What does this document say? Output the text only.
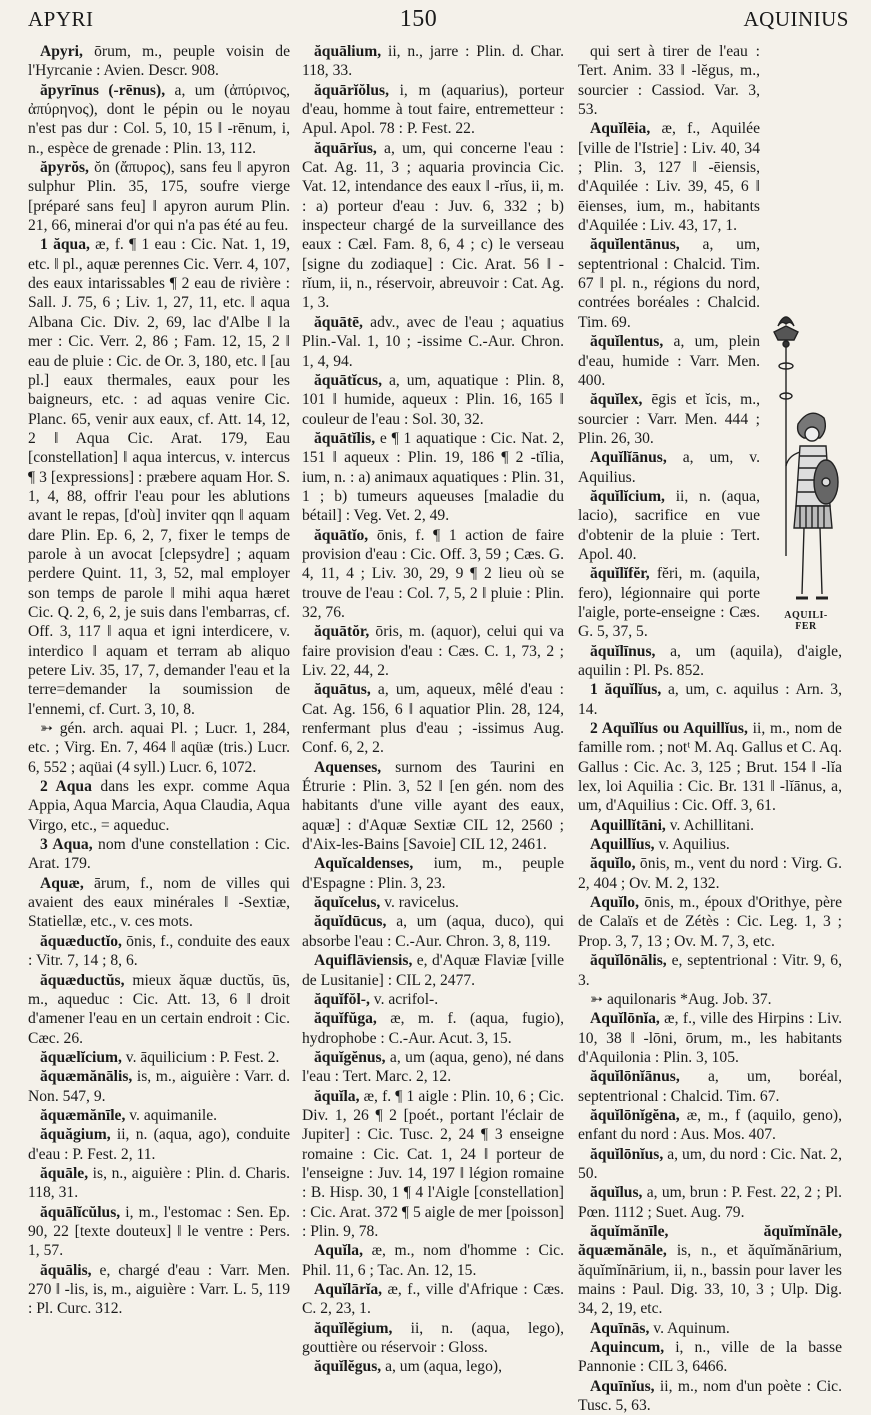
APYRI	150	AQUINIUS

Apyri, ōrum, m., peuple voisin de l'Hyrcanie : Avien. Descr. 908.

ăpyrīnus (-rēnus), a, um (ἀπύρινος, ἀπύρηνος), dont le pépin ou le noyau n'est pas dur : Col. 5, 10, 15 ‖ -rēnum, i, n., espèce de grenade : Plin. 13, 112.

ăpyrŏs, ŏn (ἄπυρος), sans feu ‖ apyron sulphur Plin. 35, 175, soufre vierge [préparé sans feu] ‖ apyron aurum Plin. 21, 66, minerai d'or qui n'a pas été au feu.

1 ăqua, æ, f. ¶ 1 eau : Cic. Nat. 1, 19, etc. ‖ pl., aquæ perennes Cic. Verr. 4, 107, des eaux intarissables ¶ 2 eau de rivière : Sall. J. 75, 6 ; Liv. 1, 27, 11, etc. ‖ aqua Albana Cic. Div. 2, 69, lac d'Albe ‖ la mer : Cic. Verr. 2, 86 ; Fam. 12, 15, 2 ‖ eau de pluie : Cic. de Or. 3, 180, etc. ‖ [au pl.] eaux thermales, eaux pour les baigneurs, etc. : ad aquas venire Cic. Planc. 65, venir aux eaux, cf. Att. 14, 12, 2 ‖ Aqua Cic. Arat. 179, Eau [constellation] ‖ aqua intercus, v. intercus ¶ 3 [expressions] : præbere aquam Hor. S. 1, 4, 88, offrir l'eau pour les ablutions avant le repas, [d'où] inviter qqn ‖ aquam dare Plin. Ep. 6, 2, 7, fixer le temps de parole à un avocat [clepsydre] ; aquam perdere Quint. 11, 3, 52, mal employer son temps de parole ‖ mihi aqua hæret Cic. Q. 2, 6, 2, je suis dans l'embarras, cf. Off. 3, 117 ‖ aqua et igni interdicere, v. interdico ‖ aquam et terram ab aliquo petere Liv. 35, 17, 7, demander l'eau et la terre=demander la soumission de l'ennemi, cf. Curt. 3, 10, 8.

➳ gén. arch. aquai Pl. ; Lucr. 1, 284, etc. ; Virg. En. 7, 464 ‖ aqüæ (tris.) Lucr. 6, 552 ; aqüai (4 syll.) Lucr. 6, 1072.

2 Aqua dans les expr. comme Aqua Appia, Aqua Marcia, Aqua Claudia, Aqua Virgo, etc., = aqueduc.

3 Aqua, nom d'une constellation : Cic. Arat. 179.

Aquæ, ārum, f., nom de villes qui avaient des eaux minérales ‖ -Sextiæ, Statiellæ, etc., v. ces mots.

ăquæductĭo, ōnis, f., conduite des eaux : Vitr. 7, 14 ; 8, 6.

ăquæductŭs, mieux ăquæ ductŭs, ūs, m., aqueduc : Cic. Att. 13, 6 ‖ droit d'amener l'eau en un certain endroit : Cic. Cæc. 26.

ăquælĭcium, v. āquilicium : P. Fest. 2.

ăquæmănālis, is, m., aiguière : Varr. d. Non. 547, 9.

ăquæmănīle, v. aquimanile.

ăquăgium, ii, n. (aqua, ago), conduite d'eau : P. Fest. 2, 11.

ăquāle, is, n., aiguière : Plin. d. Charis. 118, 31.

ăquālĭcŭlus, i, m., l'estomac : Sen. Ep. 90, 22 [texte douteux] ‖ le ventre : Pers. 1, 57.

ăquālis, e, chargé d'eau : Varr. Men. 270 ‖ -lis, is, m., aiguière : Varr. L. 5, 119 : Pl. Curc. 312.

ăquālium, ii, n., jarre : Plin. d. Char. 118, 33.

ăquārĭŏlus, i, m (aquarius), porteur d'eau, homme à tout faire, entremetteur : Apul. Apol. 78 : P. Fest. 22.

ăquārĭus, a, um, qui concerne l'eau : Cat. Ag. 11, 3 ; aquaria provincia Cic. Vat. 12, intendance des eaux ‖ -rĭus, ii, m. : a) porteur d'eau : Juv. 6, 332 ; b) inspecteur chargé de la surveillance des eaux : Cæl. Fam. 8, 6, 4 ; c) le verseau [signe du zodiaque] : Cic. Arat. 56 ‖ -rĭum, ii, n., réservoir, abreuvoir : Cat. Ag. 1, 3.

ăquātē, adv., avec de l'eau ; aquatius Plin.-Val. 1, 10 ; -issime C.-Aur. Chron. 1, 4, 94.

ăquātĭcus, a, um, aquatique : Plin. 8, 101 ‖ humide, aqueux : Plin. 16, 165 ‖ couleur de l'eau : Sol. 30, 32.

ăquātĭlis, e ¶ 1 aquatique : Cic. Nat. 2, 151 ‖ aqueux : Plin. 19, 186 ¶ 2 -tĭlia, ium, n. : a) animaux aquatiques : Plin. 31, 1 ; b) tumeurs aqueuses [maladie du bétail] : Veg. Vet. 2, 49.

ăquātĭo, ōnis, f. ¶ 1 action de faire provision d'eau : Cic. Off. 3, 59 ; Cæs. G. 4, 11, 4 ; Liv. 30, 29, 9 ¶ 2 lieu où se trouve de l'eau : Col. 7, 5, 2 ‖ pluie : Plin. 32, 76.

ăquātŏr, ōris, m. (aquor), celui qui va faire provision d'eau : Cæs. C. 1, 73, 2 ; Liv. 22, 44, 2.

ăquātus, a, um, aqueux, mêlé d'eau : Cat. Ag. 156, 6 ‖ aquatior Plin. 28, 124, renfermant plus d'eau ; -issimus Aug. Conf. 6, 2, 2.

Aquenses, surnom des Taurini en Étrurie : Plin. 3, 52 ‖ [en gén. nom des habitants d'une ville ayant des eaux, aquæ] : d'Aquæ Sextiæ CIL 12, 2560 ; d'Aix-les-Bains [Savoie] CIL 12, 2461.

Aquĭcaldenses, ium, m., peuple d'Espagne : Plin. 3, 23.

ăquĭcelus, v. ravicelus.

ăquĭdūcus, a, um (aqua, duco), qui absorbe l'eau : C.-Aur. Chron. 3, 8, 119.

Aquiflāviensis, e, d'Aquæ Flaviæ [ville de Lusitanie] : CIL 2, 2477.

ăquĭfŏl-, v. acrifol-.

ăquĭfŭga, æ, m. f. (aqua, fugio), hydrophobe : C.-Aur. Acut. 3, 15.

ăquĭgĕnus, a, um (aqua, geno), né dans l'eau : Tert. Marc. 2, 12.

ăquĭla, æ, f. ¶ 1 aigle : Plin. 10, 6 ; Cic. Div. 1, 26 ¶ 2 [poét., portant l'éclair de Jupiter] : Cic. Tusc. 2, 24 ¶ 3 enseigne romaine : Cic. Cat. 1, 24 ‖ porteur de l'enseigne : Juv. 14, 197 ‖ légion romaine : B. Hisp. 30, 1 ¶ 4 l'Aigle [constellation] : Cic. Arat. 372 ¶ 5 aigle de mer [poisson] : Plin. 9, 78.

Aquĭla, æ, m., nom d'homme : Cic. Phil. 11, 6 ; Tac. An. 12, 15.

Aquĭlārĭa, æ, f., ville d'Afrique : Cæs. C. 2, 23, 1.

ăquĭlĕgium, ii, n. (aqua, lego), gouttière ou réservoir : Gloss.

ăquĭlĕgus, a, um (aqua, lego),

qui sert à tirer de l'eau : Tert. Anim. 33 ‖ -lĕgus, m., sourcier : Cassiod. Var. 3, 53.

Aquĭlēia, æ, f., Aquilée [ville de l'Istrie] : Liv. 40, 34 ; Plin. 3, 127 ‖ -ēiensis, d'Aquilée : Liv. 39, 45, 6 ‖ ēienses, ium, m., habitants d'Aquilée : Liv. 43, 17, 1.

ăquĭlentānus, a, um, septentrional : Chalcid. Tim. 67 ‖ pl. n., régions du nord, contrées boréales : Chalcid. Tim. 69.

ăquĭlentus, a, um, plein d'eau, humide : Varr. Men. 400.

ăquĭlex, ēgis et ĭcis, m., sourcier : Varr. Men. 444 ; Plin. 26, 30.

Aquĭlĭānus, a, um, v. Aquilius.

ăquĭlĭcium, ii, n. (aqua, lacio), sacrifice en vue d'obtenir de la pluie : Tert. Apol. 40.

ăquĭlĭfĕr, fĕri, m. (aquila, fero), légionnaire qui porte l'aigle, porte-enseigne : Cæs. G. 5, 37, 5.

ăquĭlīnus, a, um (aquila), d'aigle, aquilin : Pl. Ps. 852.

1 ăquĭlĭus, a, um, c. aquilus : Arn. 3, 14.

2 Aquĭlĭus ou Aquillĭus, ii, m., nom de famille rom. ; notᵗ M. Aq. Gallus et C. Aq. Gallus : Cic. Ac. 3, 125 ; Brut. 154 ‖ -lĭa lex, loi Aquilia : Cic. Br. 131 ‖ -lĭānus, a, um, d'Aquilius : Cic. Off. 3, 61.

Aquillĭtāni, v. Achillitani.

Aquillĭus, v. Aquilius.

ăquĭlo, ōnis, m., vent du nord : Virg. G. 2, 404 ; Ov. M. 2, 132.

Aquĭlo, ōnis, m., époux d'Orithye, père de Calaïs et de Zétès : Cic. Leg. 1, 3 ; Prop. 3, 7, 13 ; Ov. M. 7, 3, etc.

ăquĭlōnālis, e, septentrional : Vitr. 9, 6, 3.

➳ aquilonaris *Aug. Job. 37.

Aquĭlōnĭa, æ, f., ville des Hirpins : Liv. 10, 38 ‖ -lōni, ōrum, m., les habitants d'Aquilonia : Plin. 3, 105.

ăquĭlōnĭānus, a, um, boréal, septentrional : Chalcid. Tim. 67.

ăquĭlōnĭgĕna, æ, m., f (aquilo, geno), enfant du nord : Aus. Mos. 407.

ăquĭlōnĭus, a, um, du nord : Cic. Nat. 2, 50.

ăquĭlus, a, um, brun : P. Fest. 22, 2 ; Pl. Pœn. 1112 ; Suet. Aug. 79.

ăquĭmănīle, ăquĭmĭnāle, ăquæmănāle, is, n., et ăquĭmănārium, ăquĭmĭnārium, ii, n., bassin pour laver les mains : Paul. Dig. 33, 10, 3 ; Ulp. Dig. 34, 2, 19, etc.

Aquīnās, v. Aquinum.

Aquincum, i, n., ville de la basse Pannonie : CIL 3, 6466.

Aquīnĭus, ii, m., nom d'un poète : Cic. Tusc. 5, 63.

AQUILI-
FER
